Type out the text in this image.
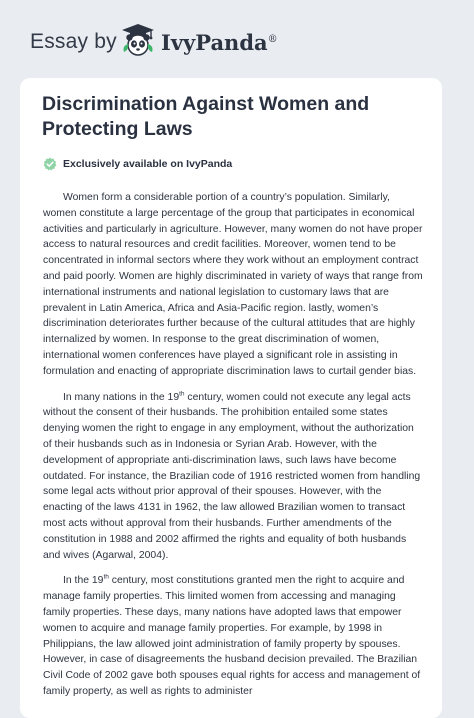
Essay by IvyPanda®
Discrimination Against Women and Protecting Laws
Exclusively available on IvyPanda

Women form a considerable portion of a country’s population. Similarly, women constitute a large percentage of the group that participates in economical activities and particularly in agriculture. However, many women do not have proper access to natural resources and credit facilities. Moreover, women tend to be concentrated in informal sectors where they work without an employment contract and paid poorly. Women are highly discriminated in variety of ways that range from international instruments and national legislation to customary laws that are prevalent in Latin America, Africa and Asia-Pacific region. lastly, women’s discrimination deteriorates further because of the cultural attitudes that are highly internalized by women. In response to the great discrimination of women, international women conferences have played a significant role in assisting in formulation and enacting of appropriate discrimination laws to curtail gender bias.

In many nations in the 19th century, women could not execute any legal acts without the consent of their husbands. The prohibition entailed some states denying women the right to engage in any employment, without the authorization of their husbands such as in Indonesia or Syrian Arab. However, with the development of appropriate anti-discrimination laws, such laws have become outdated. For instance, the Brazilian code of 1916 restricted women from handling some legal acts without prior approval of their spouses. However, with the enacting of the laws 4131 in 1962, the law allowed Brazilian women to transact most acts without approval from their husbands. Further amendments of the constitution in 1988 and 2002 affirmed the rights and equality of both husbands and wives (Agarwal, 2004).

In the 19th century, most constitutions granted men the right to acquire and manage family properties. This limited women from accessing and managing family properties. These days, many nations have adopted laws that empower women to acquire and manage family properties. For example, by 1998 in Philippians, the law allowed joint administration of family property by spouses. However, in case of disagreements the husband decision prevailed. The Brazilian Civil Code of 2002 gave both spouses equal rights for access and management of family property, as well as rights to administer
